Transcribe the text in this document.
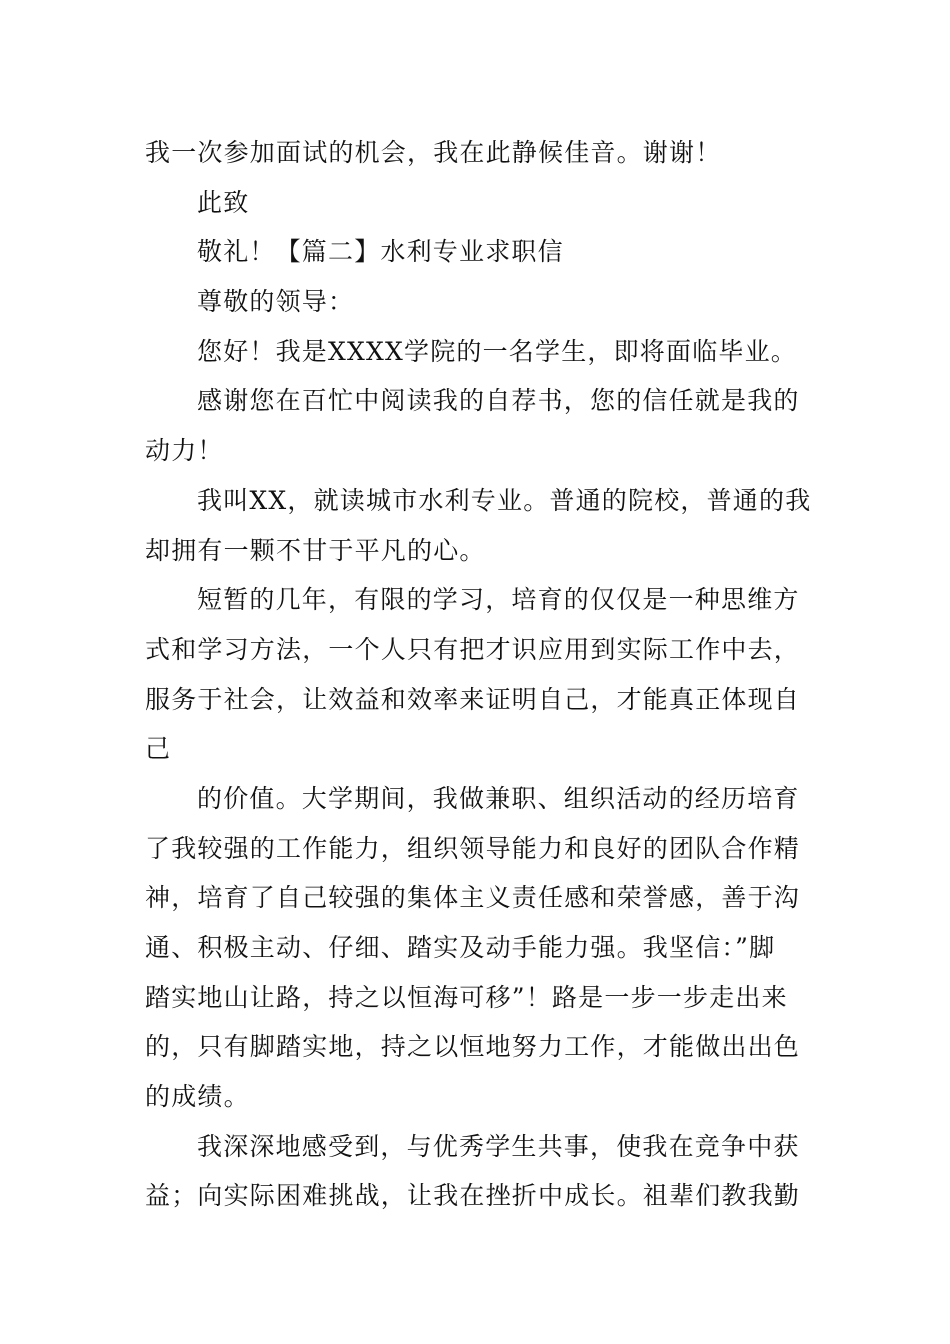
我一次参加面试的机会，我在此静候佳音。谢谢！
此致
敬礼！【篇二】水利专业求职信
尊敬的领导：
您好！我是XXXX学院的一名学生，即将面临毕业。
感谢您在百忙中阅读我的自荐书，您的信任就是我的
动力！
我叫XX，就读城市水利专业。普通的院校，普通的我
却拥有一颗不甘于平凡的心。
短暂的几年，有限的学习，培育的仅仅是一种思维方
式和学习方法，一个人只有把才识应用到实际工作中去，
服务于社会，让效益和效率来证明自己，才能真正体现自
己
的价值。大学期间，我做兼职、组织活动的经历培育
了我较强的工作能力，组织领导能力和良好的团队合作精
神，培育了自己较强的集体主义责任感和荣誉感，善于沟
通、积极主动、仔细、踏实及动手能力强。我坚信：”脚
踏实地山让路，持之以恒海可移”！路是一步一步走出来
的，只有脚踏实地，持之以恒地努力工作，才能做出出色
的成绩。
我深深地感受到，与优秀学生共事，使我在竞争中获
益；向实际困难挑战，让我在挫折中成长。祖辈们教我勤
